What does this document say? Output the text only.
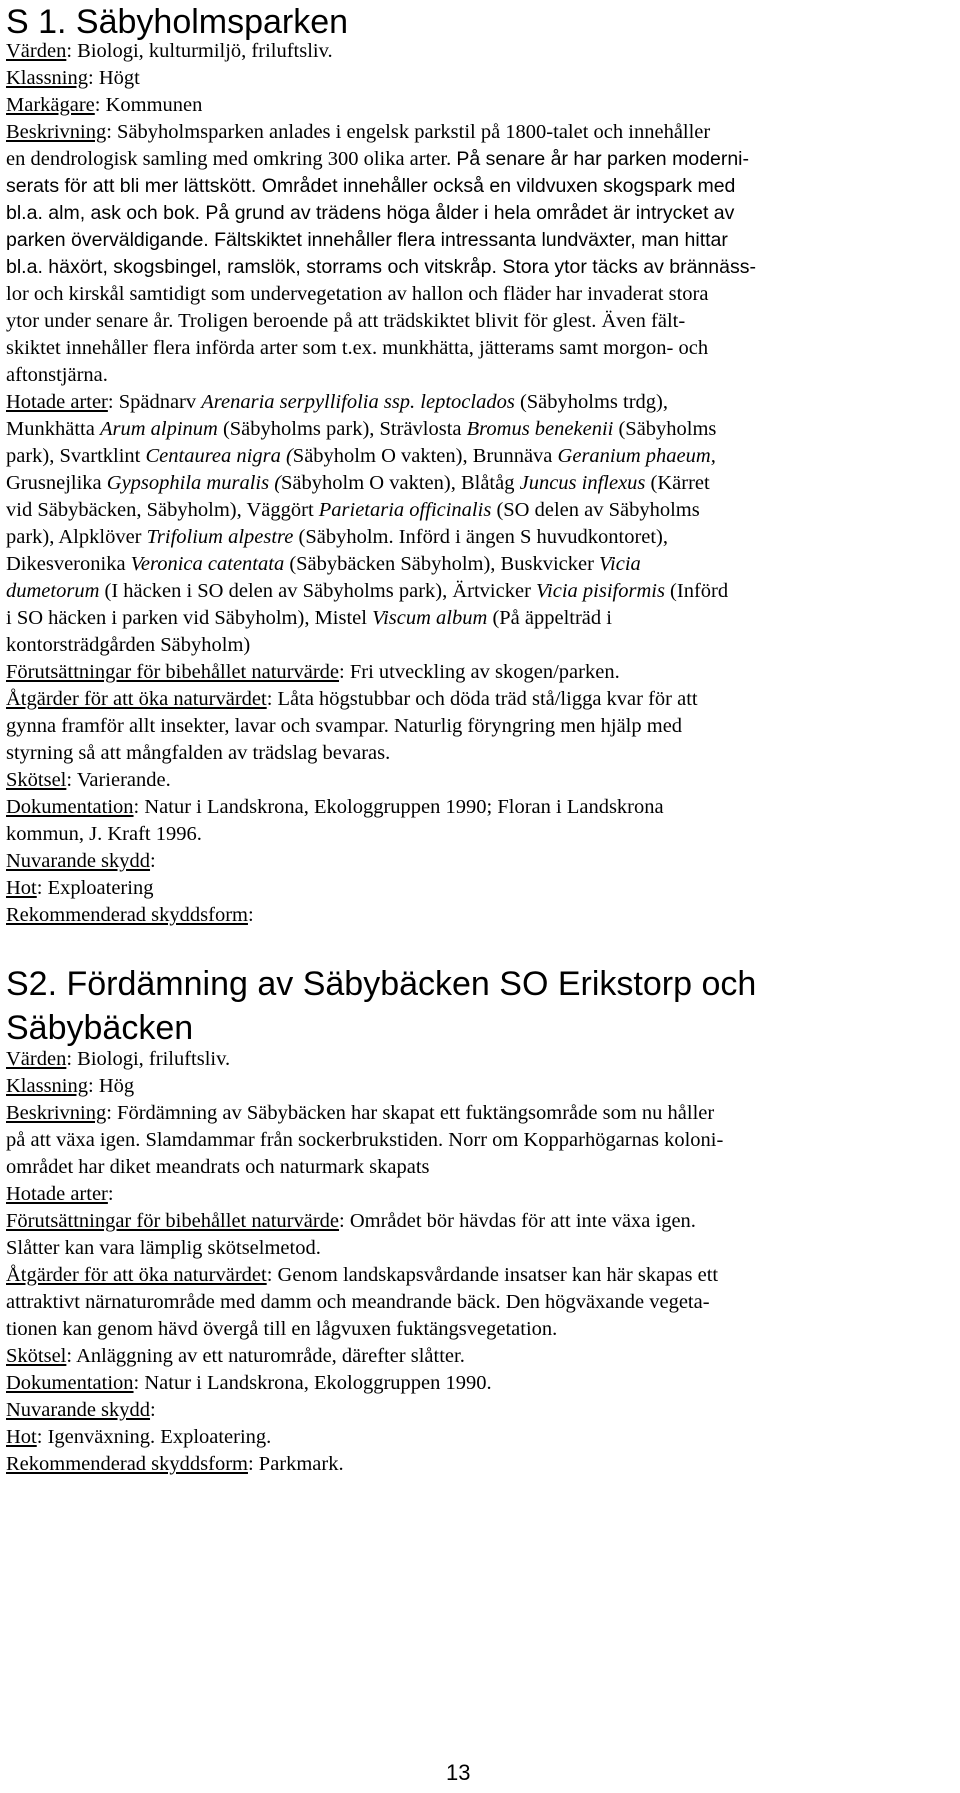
S 1. Säbyholmsparken
Värden: Biologi, kulturmiljö, friluftsliv.
Klassning: Högt
Markägare: Kommunen
Beskrivning: Säbyholmsparken anlades i engelsk parkstil på 1800-talet och innehåller
en dendrologisk samling med omkring 300 olika arter. På senare år har parken moderni-
serats för att bli mer lättskött. Området innehåller också en vildvuxen skogspark med
bl.a. alm, ask och bok. På grund av trädens höga ålder i hela området är intrycket av
parken överväldigande. Fältskiktet innehåller flera intressanta lundväxter, man hittar
bl.a. häxört, skogsbingel, ramslök, storrams och vitskråp. Stora ytor täcks av brännäss-
lor och kirskål samtidigt som undervegetation av hallon och fläder har invaderat stora
ytor under senare år. Troligen beroende på att trädskiktet blivit för glest. Även fält-
skiktet innehåller flera införda arter som t.ex. munkhätta, jätterams samt morgon- och
aftonstjärna.
Hotade arter: Spädnarv Arenaria serpyllifolia ssp. leptoclados (Säbyholms trdg),
Munkhätta Arum alpinum (Säbyholms park), Strävlosta Bromus benekenii (Säbyholms
park), Svartklint Centaurea nigra (Säbyholm O vakten), Brunnäva Geranium phaeum,
Grusnejlika Gypsophila muralis (Säbyholm O vakten), Blåtåg Juncus inflexus (Kärret
vid Säbybäcken, Säbyholm), Väggört Parietaria officinalis (SO delen av Säbyholms
park), Alpklöver Trifolium alpestre (Säbyholm. Införd i ängen S huvudkontoret),
Dikesveronika Veronica catentata (Säbybäcken Säbyholm), Buskvicker Vicia
dumetorum (I häcken i SO delen av Säbyholms park), Ärtvicker Vicia pisiformis (Införd
i SO häcken i parken vid Säbyholm), Mistel Viscum album (På äppelträd i
kontorsträdgården Säbyholm)
Förutsättningar för bibehållet naturvärde: Fri utveckling av skogen/parken.
Åtgärder för att öka naturvärdet: Låta högstubbar och döda träd stå/ligga kvar för att
gynna framför allt insekter, lavar och svampar. Naturlig föryngring men hjälp med
styrning så att mångfalden av trädslag bevaras.
Skötsel: Varierande.
Dokumentation: Natur i Landskrona, Ekologgruppen 1990; Floran i Landskrona
kommun, J. Kraft 1996.
Nuvarande skydd:
Hot: Exploatering
Rekommenderad skyddsform:
S2. Fördämning av Säbybäcken SO Erikstorp och
Säbybäcken
Värden: Biologi, friluftsliv.
Klassning: Hög
Beskrivning: Fördämning av Säbybäcken har skapat ett fuktängsområde som nu håller
på att växa igen. Slamdammar från sockerbrukstiden. Norr om Kopparhögarnas koloni-
området har diket meandrats och naturmark skapats
Hotade arter:
Förutsättningar för bibehållet naturvärde: Området bör hävdas för att inte växa igen.
Slåtter kan vara lämplig skötselmetod.
Åtgärder för att öka naturvärdet: Genom landskapsvårdande insatser kan här skapas ett
attraktivt närnaturområde med damm och meandrande bäck. Den högväxande vegeta-
tionen kan genom hävd övergå till en lågvuxen fuktängsvegetation.
Skötsel: Anläggning av ett naturområde, därefter slåtter.
Dokumentation: Natur i Landskrona, Ekologgruppen 1990.
Nuvarande skydd:
Hot: Igenväxning. Exploatering.
Rekommenderad skyddsform: Parkmark.
13
